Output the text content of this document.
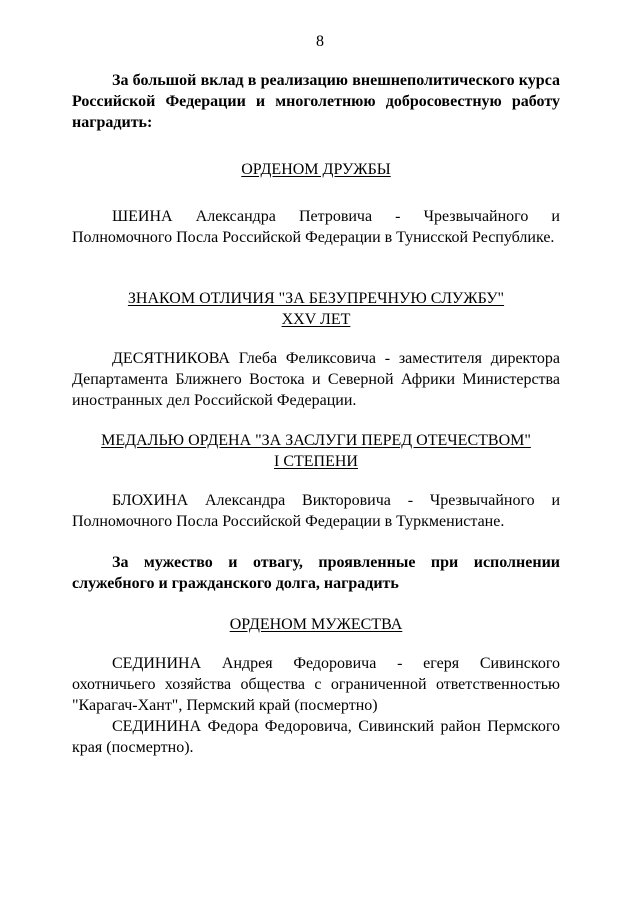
8

За большой вклад в реализацию внешнеполитического курса Российской Федерации и многолетнюю добросовестную работу наградить:

ОРДЕНОМ ДРУЖБЫ

ШЕИНА Александра Петровича - Чрезвычайного и Полномочного Посла Российской Федерации в Тунисской Республике.

ЗНАКОМ ОТЛИЧИЯ "ЗА БЕЗУПРЕЧНУЮ СЛУЖБУ"
XXV ЛЕТ

ДЕСЯТНИКОВА Глеба Феликсовича - заместителя директора Департамента Ближнего Востока и Северной Африки Министерства иностранных дел Российской Федерации.

МЕДАЛЬЮ ОРДЕНА "ЗА ЗАСЛУГИ ПЕРЕД ОТЕЧЕСТВОМ"
I СТЕПЕНИ

БЛОХИНА Александра Викторовича - Чрезвычайного и Полномочного Посла Российской Федерации в Туркменистане.

За мужество и отвагу, проявленные при исполнении служебного и гражданского долга, наградить

ОРДЕНОМ МУЖЕСТВА

СЕДИНИНА Андрея Федоровича - егеря Сивинского охотничьего хозяйства общества с ограниченной ответственностью "Карагач-Хант", Пермский край (посмертно)

СЕДИНИНА Федора Федоровича, Сивинский район Пермского края (посмертно).
